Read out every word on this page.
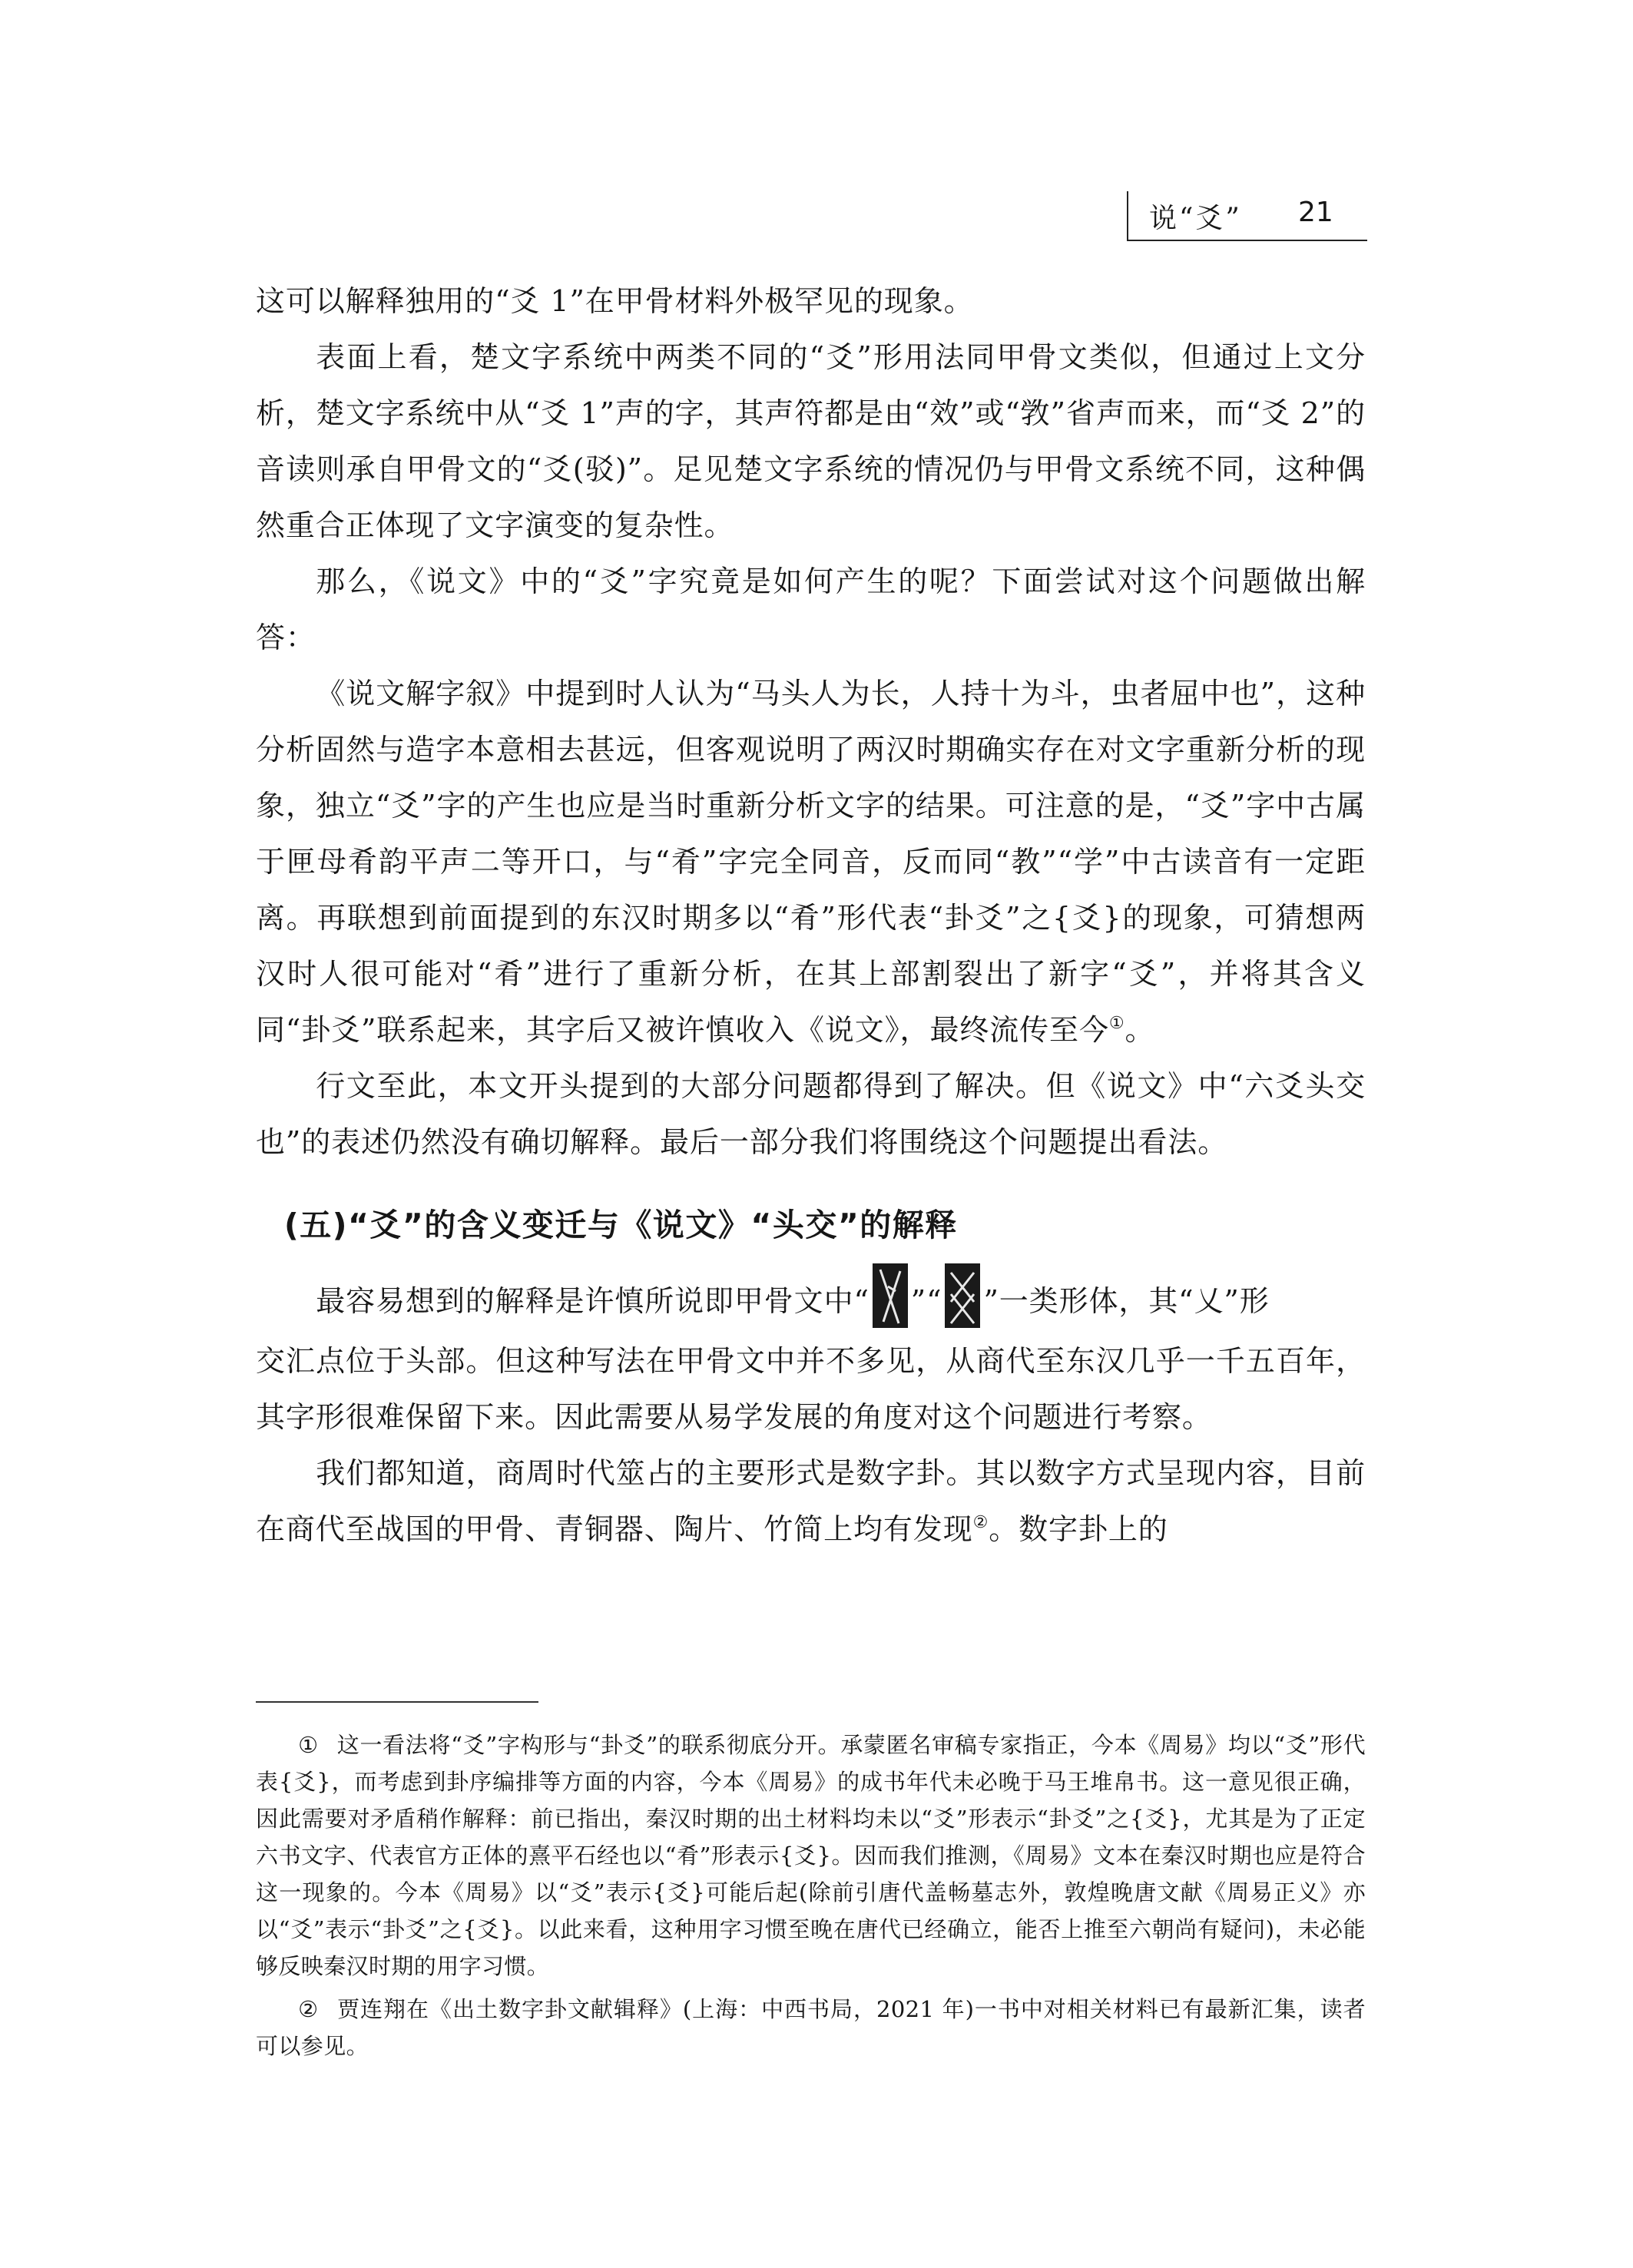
说“爻” 21

这可以解释独用的“爻 1”在甲骨材料外极罕见的现象。

表面上看，楚文字系统中两类不同的“爻”形用法同甲骨文类似，但通过上文分析，楚文字系统中从“爻 1”声的字，其声符都是由“效”或“敩”省声而来，而“爻 2”的音读则承自甲骨文的“爻(驳)”。足见楚文字系统的情况仍与甲骨文系统不同，这种偶然重合正体现了文字演变的复杂性。

那么，《说文》中的“爻”字究竟是如何产生的呢？下面尝试对这个问题做出解答：

《说文解字叙》中提到时人认为“马头人为长，人持十为斗，虫者屈中也”，这种分析固然与造字本意相去甚远，但客观说明了两汉时期确实存在对文字重新分析的现象，独立“爻”字的产生也应是当时重新分析文字的结果。可注意的是，“爻”字中古属于匣母肴韵平声二等开口，与“肴”字完全同音，反而同“教”“学”中古读音有一定距离。再联想到前面提到的东汉时期多以“肴”形代表“卦爻”之{爻}的现象，可猜想两汉时人很可能对“肴”进行了重新分析，在其上部割裂出了新字“爻”，并将其含义同“卦爻”联系起来，其字后又被许慎收入《说文》，最终流传至今①。

行文至此，本文开头提到的大部分问题都得到了解决。但《说文》中“六爻头交也”的表述仍然没有确切解释。最后一部分我们将围绕这个问题提出看法。

(五)“爻”的含义变迁与《说文》“头交”的解释

最容易想到的解释是许慎所说即甲骨文中“ ”“ ”一类形体，其“乂”形

交汇点位于头部。但这种写法在甲骨文中并不多见，从商代至东汉几乎一千五百年，其字形很难保留下来。因此需要从易学发展的角度对这个问题进行考察。

我们都知道，商周时代筮占的主要形式是数字卦。其以数字方式呈现内容，目前在商代至战国的甲骨、青铜器、陶片、竹简上均有发现②。数字卦上的

① 这一看法将“爻”字构形与“卦爻”的联系彻底分开。承蒙匿名审稿专家指正，今本《周易》均以“爻”形代表{爻}，而考虑到卦序编排等方面的内容，今本《周易》的成书年代未必晚于马王堆帛书。这一意见很正确，因此需要对矛盾稍作解释：前已指出，秦汉时期的出土材料均未以“爻”形表示“卦爻”之{爻}，尤其是为了正定六书文字、代表官方正体的熹平石经也以“肴”形表示{爻}。因而我们推测，《周易》文本在秦汉时期也应是符合这一现象的。今本《周易》以“爻”表示{爻}可能后起(除前引唐代盖畅墓志外，敦煌晚唐文献《周易正义》亦以“爻”表示“卦爻”之{爻}。以此来看，这种用字习惯至晚在唐代已经确立，能否上推至六朝尚有疑问)，未必能够反映秦汉时期的用字习惯。

② 贾连翔在《出土数字卦文献辑释》(上海：中西书局，2021 年)一书中对相关材料已有最新汇集，读者可以参见。
